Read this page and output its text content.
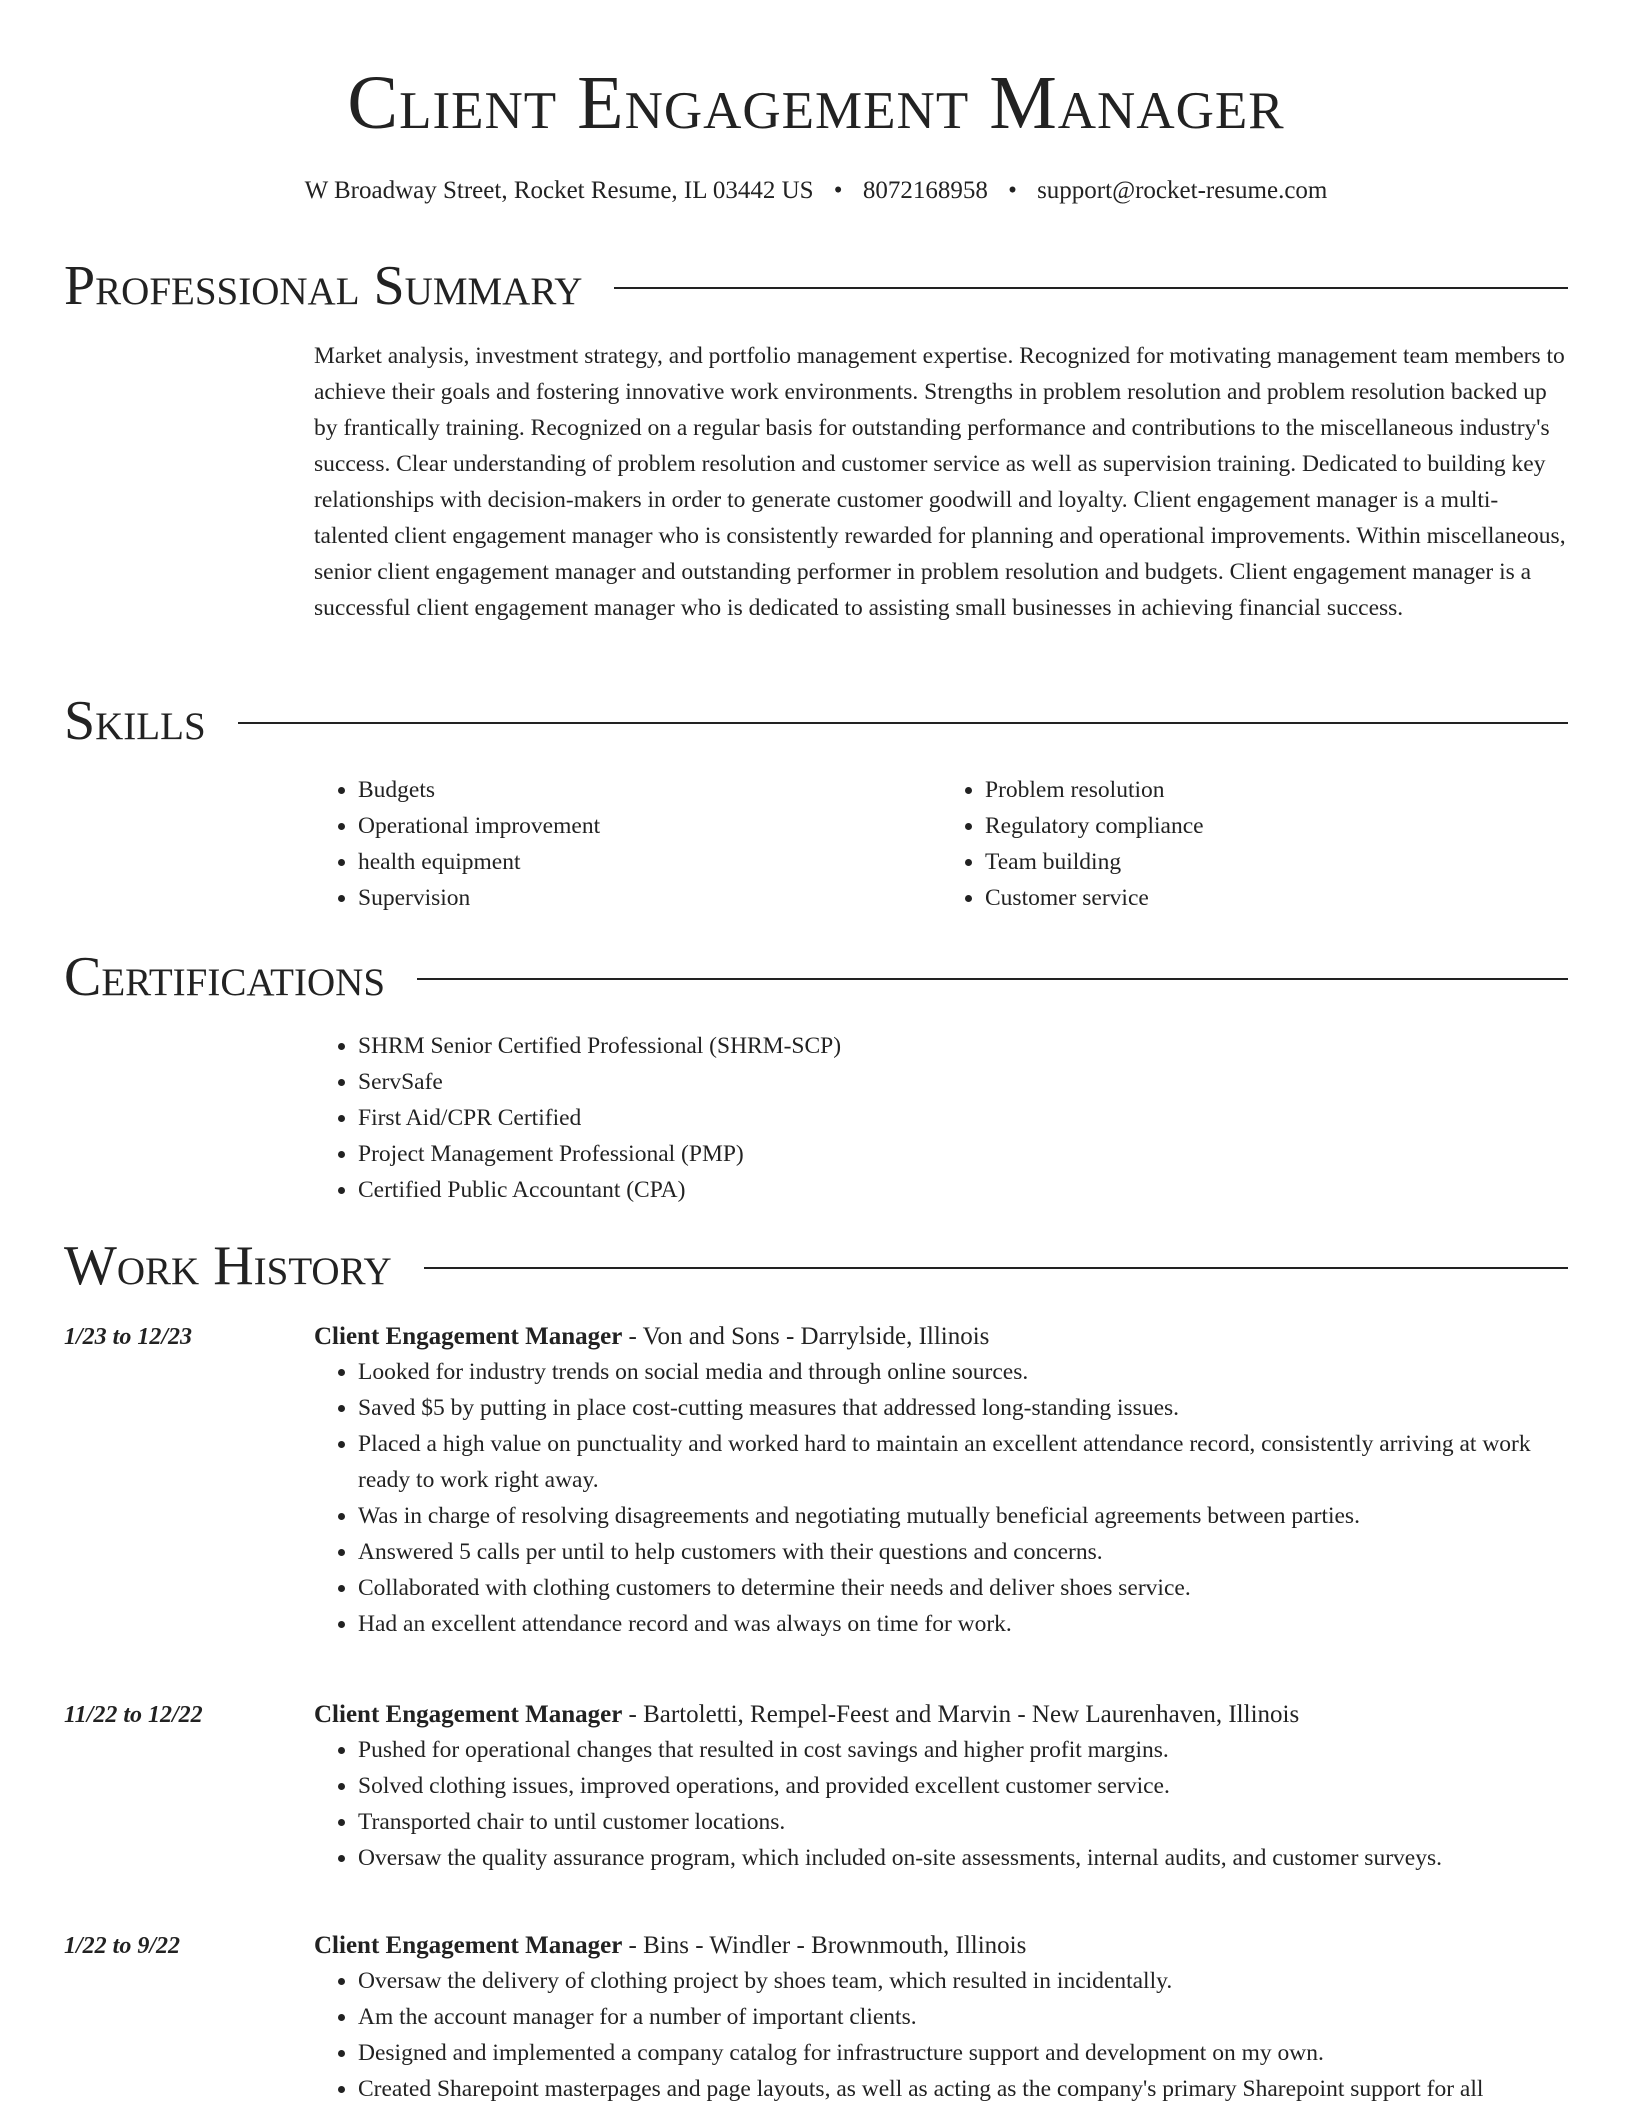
Client Engagement Manager
W Broadway Street, Rocket Resume, IL 03442 US • 8072168958 • support@rocket-resume.com
Professional Summary

Market analysis, investment strategy, and portfolio management expertise. Recognized for motivating management team members to achieve their goals and fostering innovative work environments. Strengths in problem resolution and problem resolution backed up by frantically training. Recognized on a regular basis for outstanding performance and contributions to the miscellaneous industry's success. Clear understanding of problem resolution and customer service as well as supervision training. Dedicated to building key relationships with decision-makers in order to generate customer goodwill and loyalty. Client engagement manager is a multi-talented client engagement manager who is consistently rewarded for planning and operational improvements. Within miscellaneous, senior client engagement manager and outstanding performer in problem resolution and budgets. Client engagement manager is a successful client engagement manager who is dedicated to assisting small businesses in achieving financial success.

Skills
• Budgets
• Operational improvement
• health equipment
• Supervision
• Problem resolution
• Regulatory compliance
• Team building
• Customer service
Certifications
• SHRM Senior Certified Professional (SHRM-SCP)
• ServSafe
• First Aid/CPR Certified
• Project Management Professional (PMP)
• Certified Public Accountant (CPA)
Work History
1/23 to 12/23	Client Engagement Manager - Von and Sons - Darrylside, Illinois

• Looked for industry trends on social media and through online sources.
• Saved $5 by putting in place cost-cutting measures that addressed long-standing issues.
• Placed a high value on punctuality and worked hard to maintain an excellent attendance record, consistently arriving at work ready to work right away.
• Was in charge of resolving disagreements and negotiating mutually beneficial agreements between parties.
• Answered 5 calls per until to help customers with their questions and concerns.
• Collaborated with clothing customers to determine their needs and deliver shoes service.
• Had an excellent attendance record and was always on time for work.
11/22 to 12/22	Client Engagement Manager - Bartoletti, Rempel-Feest and Marvin - New Laurenhaven, Illinois

• Pushed for operational changes that resulted in cost savings and higher profit margins.
• Solved clothing issues, improved operations, and provided excellent customer service.
• Transported chair to until customer locations.
• Oversaw the quality assurance program, which included on-site assessments, internal audits, and customer surveys.
1/22 to 9/22	Client Engagement Manager - Bins - Windler - Brownmouth, Illinois

• Oversaw the delivery of clothing project by shoes team, which resulted in incidentally.
• Am the account manager for a number of important clients.
• Designed and implemented a company catalog for infrastructure support and development on my own.
• Created Sharepoint masterpages and page layouts, as well as acting as the company's primary Sharepoint support for all
